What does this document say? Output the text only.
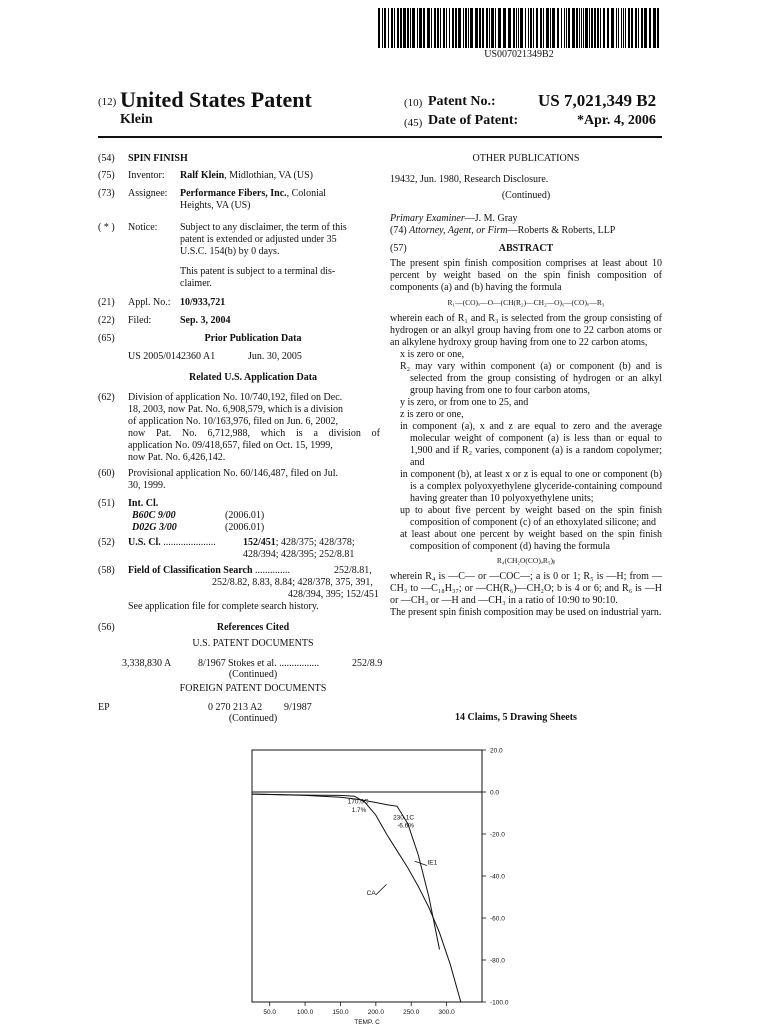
US007021349B2
(12) United States Patent
Klein
(10) Patent No.: US 7,021,349 B2
(45) Date of Patent:	*Apr. 4, 2006
(54) SPIN FINISH
(75) Inventor: Ralf Klein, Midlothian, VA (US)
(73) Assignee: Performance Fibers, Inc., Colonial
Heights, VA (US)
( * ) Notice: Subject to any disclaimer, the term of this
patent is extended or adjusted under 35
U.S.C. 154(b) by 0 days.
This patent is subject to a terminal dis-
claimer.
(21) Appl. No.: 10/933,721
(22) Filed:	Sep. 3, 2004
(65)	Prior Publication Data
US 2005/0142360 A1	Jun. 30, 2005
Related U.S. Application Data
(62) Division of application No. 10/740,192, filed on Dec.
18, 2003, now Pat. No. 6,908,579, which is a division
of application No. 10/163,976, filed on Jun. 6, 2002,
now Pat. No. 6,712,988, which is a division of
application No. 09/418,657, filed on Oct. 15, 1999,
now Pat. No. 6,426,142.
(60) Provisional application No. 60/146,487, filed on Jul.
30, 1999.
(51) Int. Cl.
B60C 9/00	(2006.01)
D02G 3/00	(2006.01)
(52) U.S. Cl. .....................	152/451; 428/375; 428/378;
428/394; 428/395; 252/8.81
(58) Field of Classification Search ..............	252/8.81,
252/8.82, 8.83, 8.84; 428/378, 375, 391,
428/394, 395; 152/451
See application file for complete search history.
(56)	References Cited
U.S. PATENT DOCUMENTS
3,338,830 A	8/1967 Stokes et al. ................	252/8.9
(Continued)
FOREIGN PATENT DOCUMENTS
EP	0 270 213 A2 9/1987
(Continued)
OTHER PUBLICATIONS
19432, Jun. 1980, Research Disclosure.
(Continued)
Primary Examiner—J. M. Gray
(74) Attorney, Agent, or Firm—Roberts & Roberts, LLP
(57)	ABSTRACT

The present spin finish composition comprises at least about 10 percent by weight based on the spin finish composition of components (a) and (b) having the formula

R₁—(CO)ₓ—O—(CH(R₂)—CH₂—O)ᵧ—(CO)ᵤ—R₃

wherein each of R₁ and R₃ is selected from the group consisting of hydrogen or an alkyl group having from one to 22 carbon atoms or an alkylene hydroxy group having from one to 22 carbon atoms,

x is zero or one,

R₂ may vary within component (a) or component (b) and is selected from the group consisting of hydrogen or an alkyl group having from one to four carbon atoms,

y is zero, or from one to 25, and

z is zero or one,

in component (a), x and z are equal to zero and the average molecular weight of component (a) is less than or equal to 1,900 and if R₂ varies, component (a) is a random copolymer; and

in component (b), at least x or z is equal to one or component (b) is a complex polyoxyethylene glyceride-containing compound having greater than 10 polyoxyethylene units;

up to about five percent by weight based on the spin finish composition of component (c) of an ethoxylated silicone; and

at least about one percent by weight based on the spin finish composition of component (d) having the formula

R₄(CH₂O(CO)ₐR₅)ᵦ

wherein R₄ is —C— or —COC—; a is 0 or 1; R₅ is —H; from —CH₃ to —C₁₈H₃₇; or —CH(R₆)—CH₂O; b is 4 or 6; and R₆ is —H or —CH₃ or —H and —CH₃ in a ratio of 10:90 to 90:10.

The present spin finish composition may be used on industrial yarn.

14 Claims, 5 Drawing Sheets
20.0
0.0
-20.0
-40.0
-60.0
-80.0
-100.0
50.0	100.0	150.0	200.0	250.0	300.0
TEMP. C
170.0C
1.7%
230.1C
-6.6%
IE1
CA
